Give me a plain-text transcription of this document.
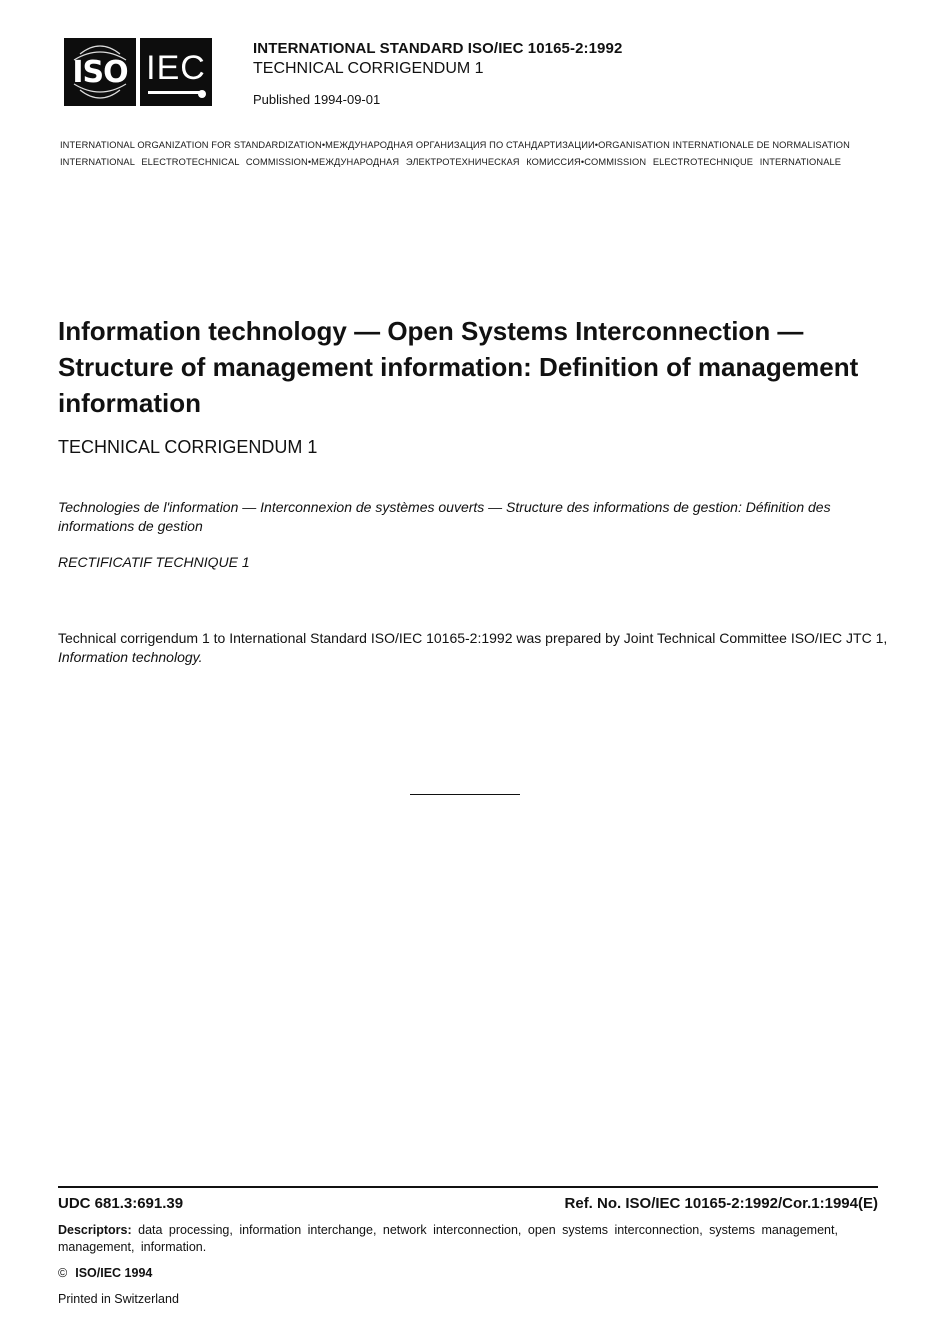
ISO IEC	INTERNATIONAL STANDARD ISO/IEC 10165-2:1992
TECHNICAL CORRIGENDUM 1
Published 1994-09-01
INTERNATIONAL ORGANIZATION FOR STANDARDIZATION•МЕЖДУНАРОДНАЯ ОРГАНИЗАЦИЯ ПО СТАНДАРТИЗАЦИИ•ORGANISATION INTERNATIONALE DE NORMALISATION
INTERNATIONAL ELECTROTECHNICAL COMMISSION•МЕЖДУНАРОДНАЯ ЭЛЕКТРОТЕХНИЧЕСКАЯ КОМИССИЯ•COMMISSION ELECTROTECHNIQUE INTERNATIONALE
Information technology — Open Systems Interconnection — Structure of management information: Definition of management information

TECHNICAL CORRIGENDUM 1

Technologies de l'information — Interconnexion de systèmes ouverts — Structure des informations de gestion: Définition des informations de gestion

RECTIFICATIF TECHNIQUE 1

Technical corrigendum 1 to International Standard ISO/IEC 10165-2:1992 was prepared by Joint Technical Committee ISO/IEC JTC 1, Information technology.

UDC 681.3:691.39	Ref. No. ISO/IEC 10165-2:1992/Cor.1:1994(E)

Descriptors: data processing, information interchange, network interconnection, open systems interconnection, systems management, management, information.

© ISO/IEC 1994
Printed in Switzerland
